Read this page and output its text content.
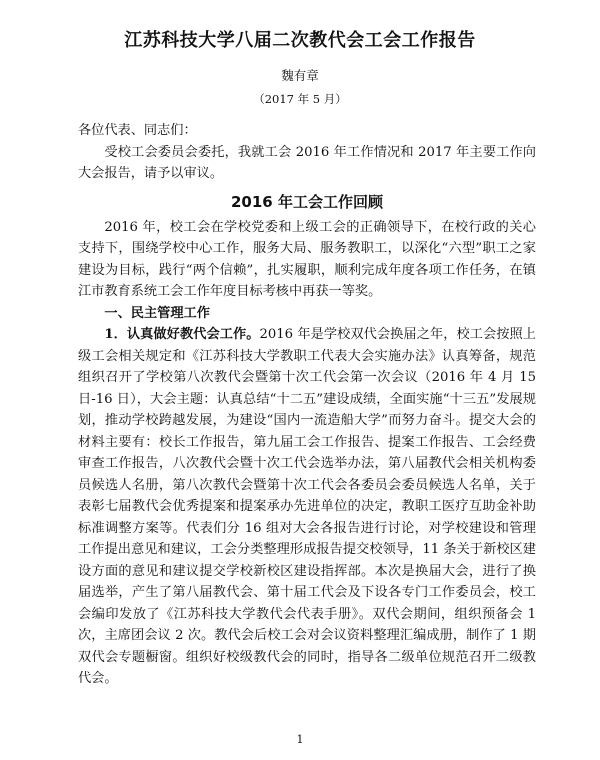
江苏科技大学八届二次教代会工会工作报告
魏有章
（2017 年 5 月）

各位代表、同志们：

受校工会委员会委托，我就工会 2016 年工作情况和 2017 年主要工作向大会报告，请予以审议。

2016 年工会工作回顾

2016 年，校工会在学校党委和上级工会的正确领导下，在校行政的关心支持下，围绕学校中心工作，服务大局、服务教职工，以深化“六型”职工之家建设为目标，践行“两个信赖”，扎实履职，顺利完成年度各项工作任务，在镇江市教育系统工会工作年度目标考核中再获一等奖。

一、民主管理工作

1．认真做好教代会工作。2016 年是学校双代会换届之年，校工会按照上级工会相关规定和《江苏科技大学教职工代表大会实施办法》认真筹备，规范组织召开了学校第八次教代会暨第十次工代会第一次会议（2016 年 4 月 15 日-16 日），大会主题：认真总结“十二五”建设成绩，全面实施“十三五”发展规划，推动学校跨越发展，为建设“国内一流造船大学”而努力奋斗。提交大会的材料主要有：校长工作报告，第九届工会工作报告、提案工作报告、工会经费审查工作报告，八次教代会暨十次工代会选举办法，第八届教代会相关机构委员候选人名册，第八次教代会暨第十次工代会各委员会委员候选人名单，关于表彰七届教代会优秀提案和提案承办先进单位的决定，教职工医疗互助金补助标准调整方案等。代表们分 16 组对大会各报告进行讨论，对学校建设和管理工作提出意见和建议，工会分类整理形成报告提交校领导，11 条关于新校区建设方面的意见和建议提交学校新校区建设指挥部。本次是换届大会，进行了换届选举，产生了第八届教代会、第十届工代会及下设各专门工作委员会，校工会编印发放了《江苏科技大学教代会代表手册》。双代会期间，组织预备会 1 次，主席团会议 2 次。教代会后校工会对会议资料整理汇编成册，制作了 1 期双代会专题橱窗。组织好校级教代会的同时，指导各二级单位规范召开二级教代会。

1
